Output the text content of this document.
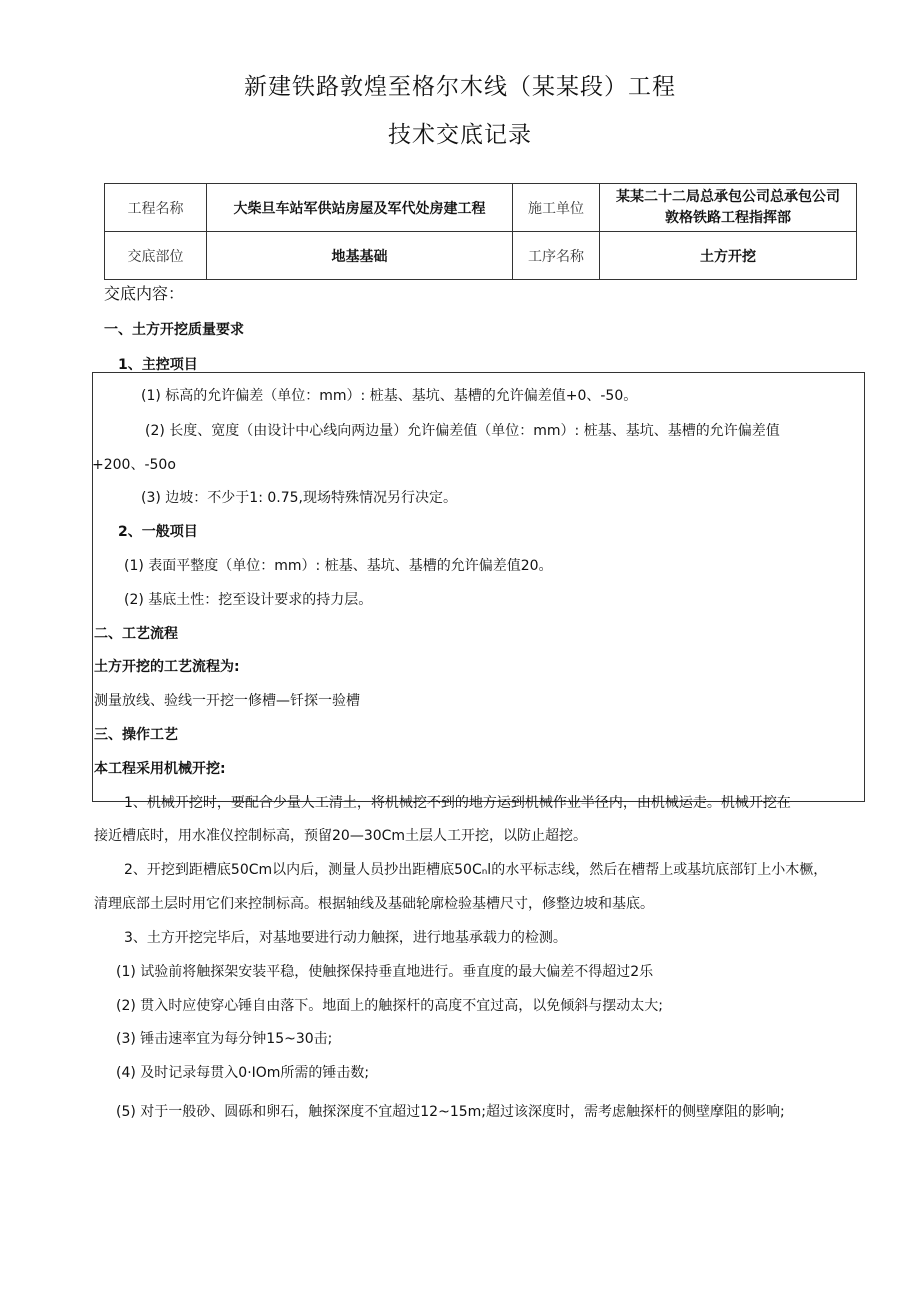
新建铁路敦煌至格尔木线（某某段）工程
技术交底记录
工程名称	大柴旦车站军供站房屋及军代处房建工程	施工单位	某某二十二局总承包公司总承包公司
敦格铁路工程指挥部

交底部位	地基基础	工序名称	土方开挖
交底内容：
一、土方开挖质量要求
1、主控项目
(1) 标高的允许偏差（单位：mm）: 桩基、基坑、基槽的允许偏差值+0、-50。
(2) 长度、宽度（由设计中心线向两边量）允许偏差值（单位：mm）: 桩基、基坑、基槽的允许偏差值
+200、-50o
(3) 边坡：不少于1: 0.75,现场特殊情况另行决定。
2、一般项目
(1) 表面平整度（单位：mm）: 桩基、基坑、基槽的允许偏差值20。
(2) 基底土性：挖至设计要求的持力层。
二、工艺流程
土方开挖的工艺流程为:
测量放线、验线一开挖一修槽—钎探一验槽
三、操作工艺
本工程采用机械开挖:
1、机械开挖时，要配合少量人工清土，将机械挖不到的地方运到机械作业半径内，由机械运走。机械开挖在
接近槽底时，用水准仪控制标高，预留20—30Cm土层人工开挖，以防止超挖。
2、开挖到距槽底50Cm以内后，测量人员抄出距槽底50Cₙl的水平标志线，然后在槽帮上或基坑底部钉上小木橛，
清理底部土层时用它们来控制标高。根据轴线及基础轮廓检验基槽尺寸，修整边坡和基底。
3、土方开挖完毕后，对基地要进行动力触探，进行地基承载力的检测。
(1) 试验前将触探架安装平稳，使触探保持垂直地进行。垂直度的最大偏差不得超过2乐
(2) 贯入时应使穿心锤自由落下。地面上的触探杆的高度不宜过高，以免倾斜与摆动太大;
(3) 锤击速率宜为每分钟15~30击;
(4) 及时记录每贯入0·IOm所需的锤击数;
(5) 对于一般砂、圆砾和卵石，触探深度不宜超过12~15m;超过该深度时，需考虑触探杆的侧壁摩阻的影响;
